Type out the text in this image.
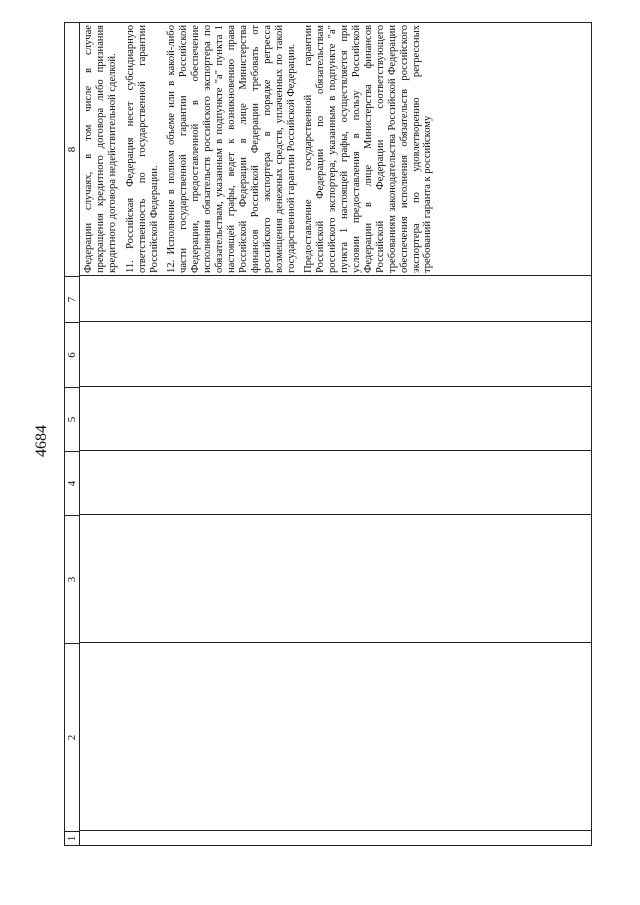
4684
1
2
3
4
5
6
7
8 Федерации случаях, в том числе в случае прекращения кредитного договора либо признания кредитного договора недействительной сделкой. 11. Российская Федерация несет субсидиарную ответственность по государственной гарантии Российской Федерации. 12. Исполнение в полном объеме или в какой-либо части государственной гарантии Российской Федерации, предоставленной в обеспечение исполнения обязательств российского экспортера по обязательствам, указанным в подпункте "а" пункта 1 настоящей графы, ведет к возникновению права Российской Федерации в лице Министерства финансов Российской Федерации требовать от российского экспортера в порядке регресса возмещения денежных средств, уплаченных по такой государственной гарантии Российской Федерации. Предоставление государственной гарантии Российской Федерации по обязательствам российского экспортера, указанным в подпункте "а" пункта 1 настоящей графы, осуществляется при условии предоставления в пользу Российской Федерации в лице Министерства финансов Российской Федерации соответствующего требованиям законодательства Российской Федерации обеспечения исполнения обязательств российского экспортера по удовлетворению регрессных требований гаранта к российскому
